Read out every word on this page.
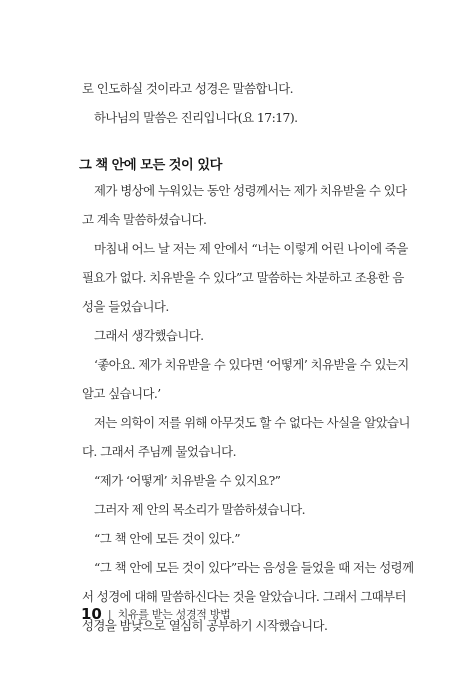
로 인도하실 것이라고 성경은 말씀합니다.
하나님의 말씀은 진리입니다(요 17:17).
그 책 안에 모든 것이 있다
제가 병상에 누워있는 동안 성령께서는 제가 치유받을 수 있다
고 계속 말씀하셨습니다.
마침내 어느 날 저는 제 안에서 “너는 이렇게 어린 나이에 죽을
필요가 없다. 치유받을 수 있다”고 말씀하는 차분하고 조용한 음
성을 들었습니다.
그래서 생각했습니다.
‘좋아요. 제가 치유받을 수 있다면 ‘어떻게’ 치유받을 수 있는지
알고 싶습니다.’
저는 의학이 저를 위해 아무것도 할 수 없다는 사실을 알았습니
다. 그래서 주님께 물었습니다.
“제가 ‘어떻게’ 치유받을 수 있지요?”
그러자 제 안의 목소리가 말씀하셨습니다.
“그 책 안에 모든 것이 있다.”
“그 책 안에 모든 것이 있다”라는 음성을 들었을 때 저는 성령께
서 성경에 대해 말씀하신다는 것을 알았습니다. 그래서 그때부터
성경을 밤낮으로 열심히 공부하기 시작했습니다.
10 | 치유를 받는 성경적 방법
